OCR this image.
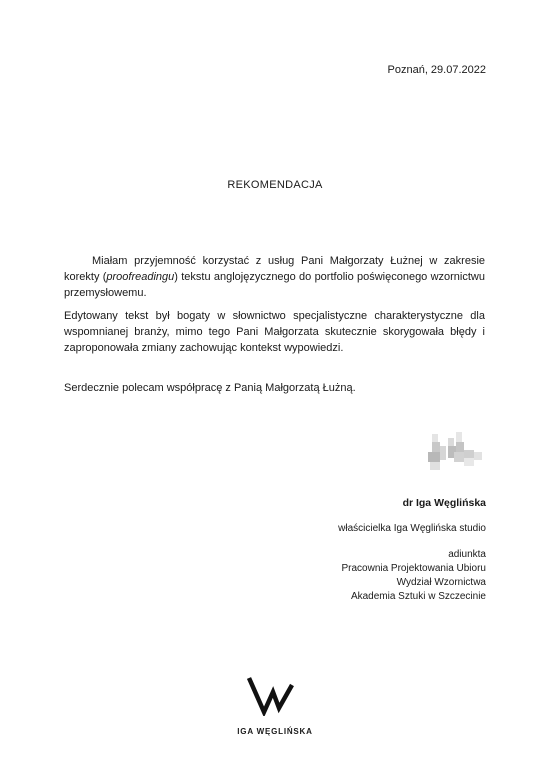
Poznań, 29.07.2022
REKOMENDACJA
Miałam przyjemność korzystać z usług Pani Małgorzaty Łużnej w zakresie korekty (proofreadingu) tekstu anglojęzycznego do portfolio poświęconego wzornictwu przemysłowemu.
Edytowany tekst był bogaty w słownictwo specjalistyczne charakterystyczne dla wspomnianej branży, mimo tego Pani Małgorzata skutecznie skorygowała błędy i zaproponowała zmiany zachowując kontekst wypowiedzi.
Serdecznie polecam współpracę z Panią Małgorzatą Łużną.
dr Iga Węglińska
właścicielka Iga Węglińska studio
adiunkta
Pracownia Projektowania Ubioru
Wydział Wzornictwa
Akademia Sztuki w Szczecinie
IGA WĘGLIŃSKA
